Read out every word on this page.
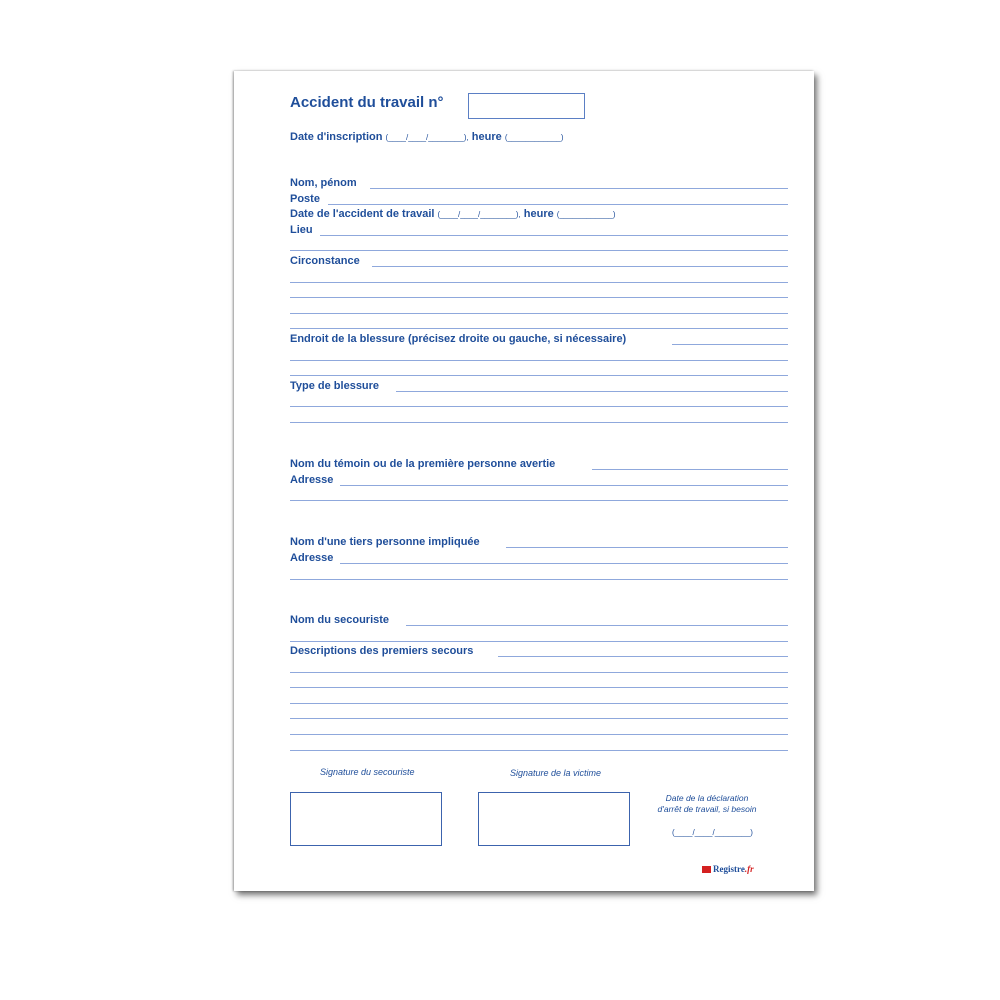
Accident du travail n°
Date d'inscription (____/____/________), heure (____________)
Nom, pénom
Poste
Date de l'accident de travail (____/____/________), heure (____________)
Lieu
Circonstance
Endroit de la blessure (précisez droite ou gauche, si nécessaire)
Type de blessure
Nom du témoin ou de la première personne avertie
Adresse
Nom d'une tiers personne impliquée
Adresse
Nom du secouriste
Descriptions des premiers secours
Signature du secouriste	Signature de la victime
Date de la déclaration
d'arrêt de travail, si besoin
(____/____/________)
Registre.fr
